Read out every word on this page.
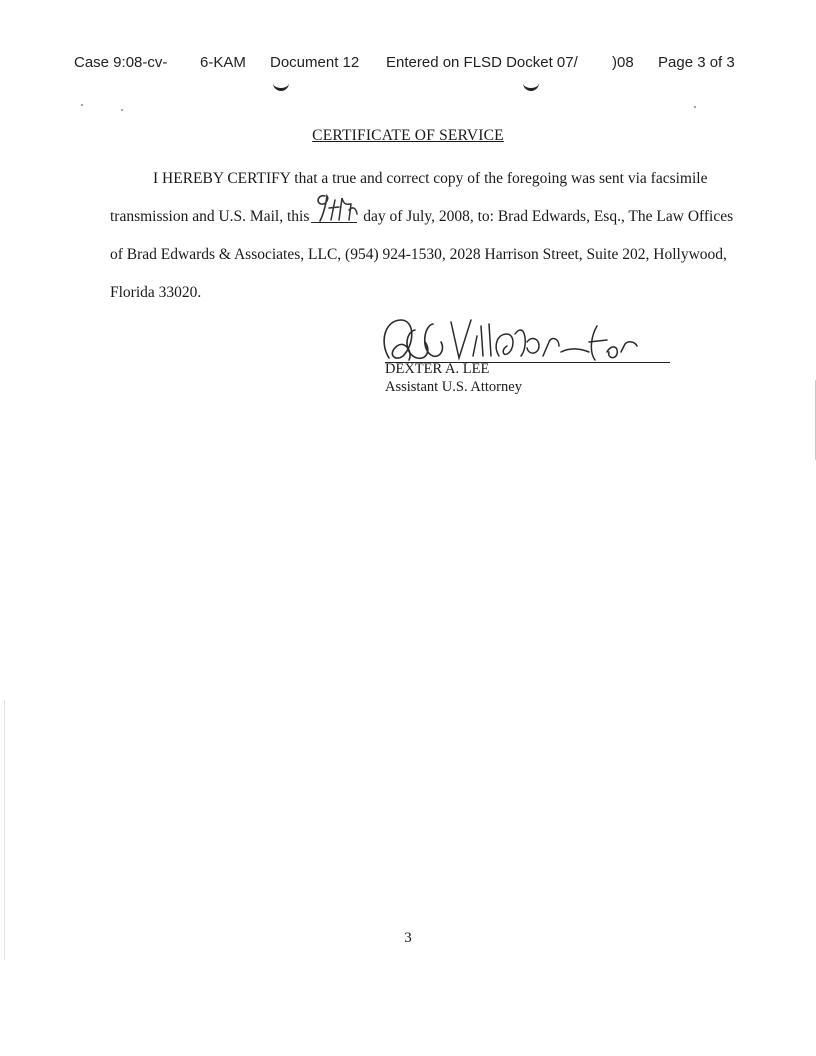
Case 9:08-cv- 6-KAM Document 12 Entered on FLSD Docket 07/ )08 Page 3 of 3
CERTIFICATE OF SERVICE
I HEREBY CERTIFY that a true and correct copy of the foregoing was sent via facsimile
transmission and U.S. Mail, this	day of July, 2008, to: Brad Edwards, Esq., The Law Offices
of Brad Edwards & Associates, LLC, (954) 924-1530, 2028 Harrison Street, Suite 202, Hollywood,
Florida 33020.
DEXTER A. LEE
Assistant U.S. Attorney
3
